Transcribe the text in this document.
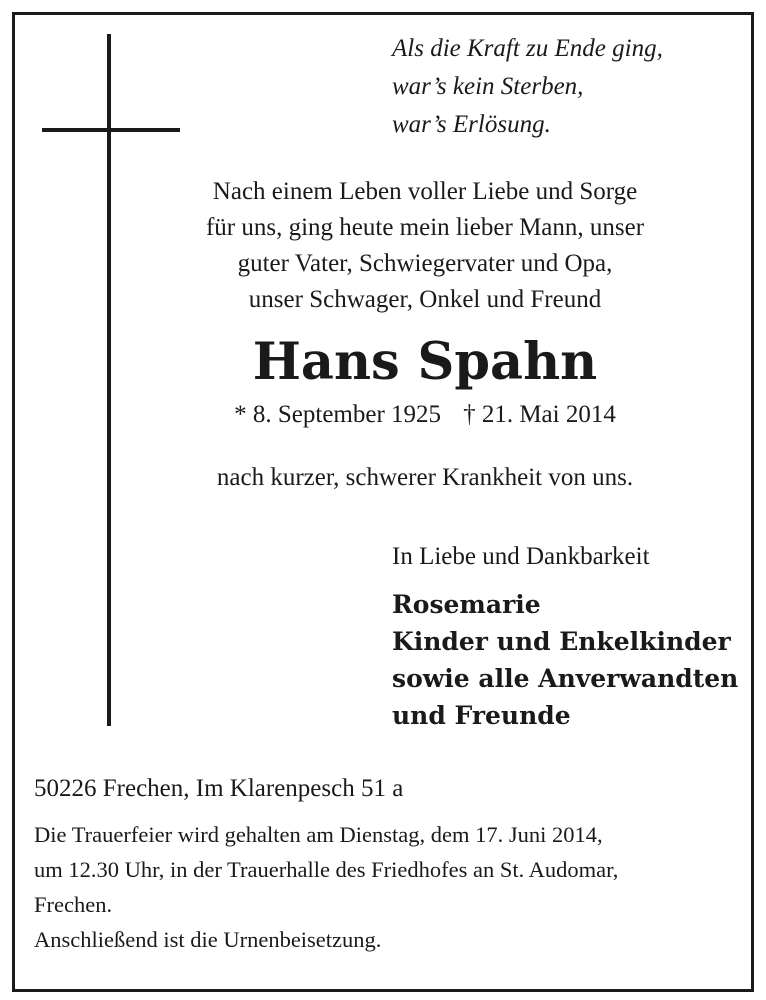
Als die Kraft zu Ende ging,
war’s kein Sterben,
war’s Erlösung.
Nach einem Leben voller Liebe und Sorge
für uns, ging heute mein lieber Mann, unser
guter Vater, Schwiegervater und Opa,
unser Schwager, Onkel und Freund
Hans Spahn
* 8. September 1925 † 21. Mai 2014
nach kurzer, schwerer Krankheit von uns.
In Liebe und Dankbarkeit
Rosemarie
Kinder und Enkelkinder
sowie alle Anverwandten
und Freunde
50226 Frechen, Im Klarenpesch 51 a
Die Trauerfeier wird gehalten am Dienstag, dem 17. Juni 2014,
um 12.30 Uhr, in der Trauerhalle des Friedhofes an St. Audomar,
Frechen.
Anschließend ist die Urnenbeisetzung.
